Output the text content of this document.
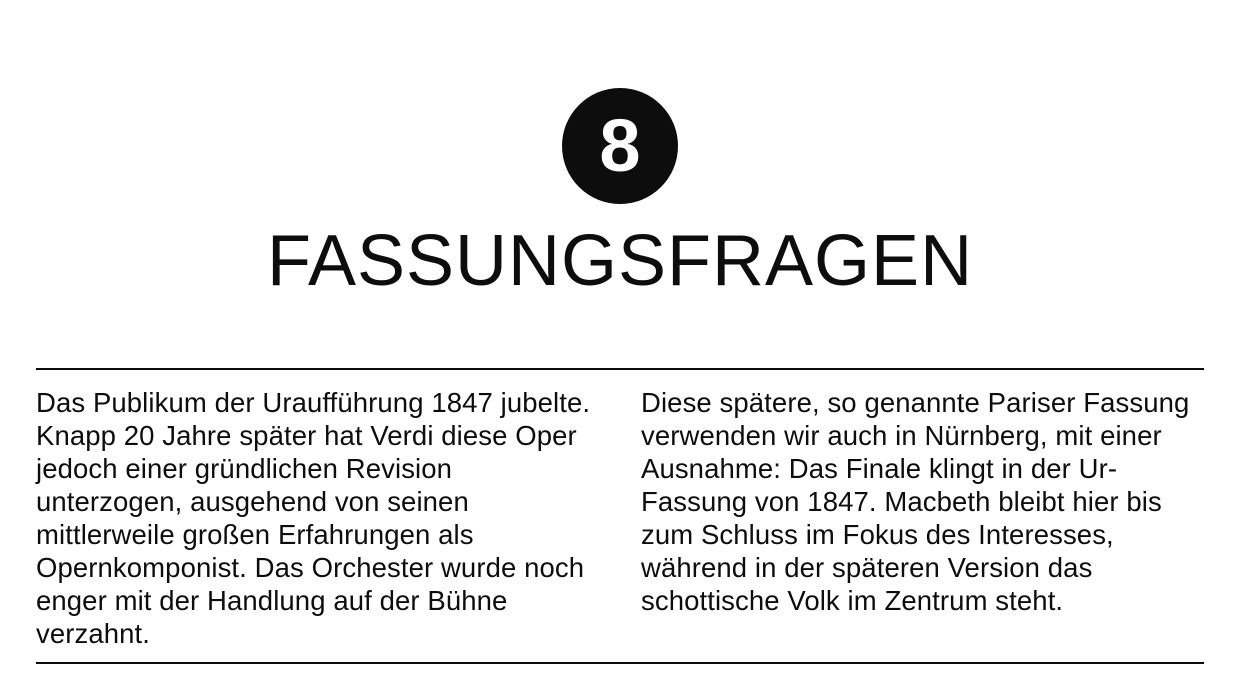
8
FASSUNGSFRAGEN

Das Publikum der Uraufführung 1847 jubelte. Knapp 20 Jahre später hat Verdi diese Oper jedoch einer gründlichen Revision unterzogen, ausgehend von seinen mittlerweile großen Erfahrungen als Opernkomponist. Das Orchester wurde noch enger mit der Handlung auf der Bühne verzahnt.

Diese spätere, so genannte Pariser Fassung verwenden wir auch in Nürnberg, mit einer Ausnahme: Das Finale klingt in der Ur-Fassung von 1847. Macbeth bleibt hier bis zum Schluss im Fokus des Interesses, während in der späteren Version das schottische Volk im Zentrum steht.
